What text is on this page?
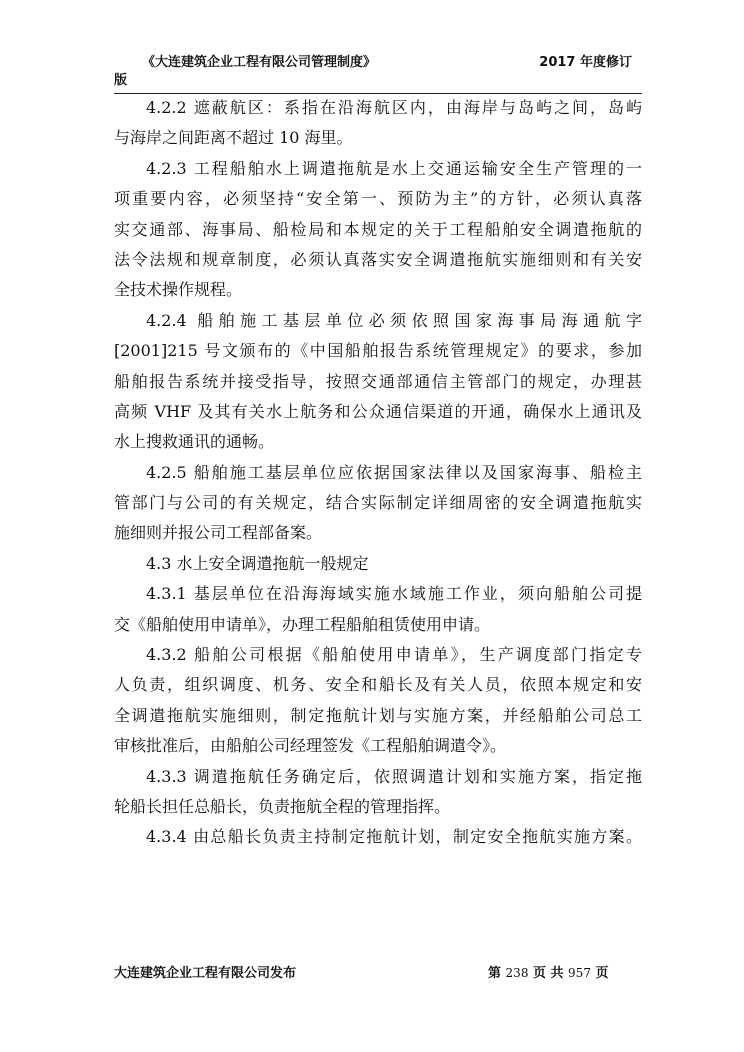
《大连建筑企业工程有限公司管理制度》	2017 年度修订
版
4.2.2 遮蔽航区：系指在沿海航区内，由海岸与岛屿之间，岛屿
与海岸之间距离不超过 10 海里。
4.2.3 工程船舶水上调遣拖航是水上交通运输安全生产管理的一
项重要内容，必须坚持“安全第一、预防为主”的方针，必须认真落
实交通部、海事局、船检局和本规定的关于工程船舶安全调遣拖航的
法令法规和规章制度，必须认真落实安全调遣拖航实施细则和有关安
全技术操作规程。
4.2.4 船舶施工基层单位必须依照国家海事局海通航字
[2001]215 号文颁布的《中国船舶报告系统管理规定》的要求，参加
船舶报告系统并接受指导，按照交通部通信主管部门的规定，办理甚
高频 VHF 及其有关水上航务和公众通信渠道的开通，确保水上通讯及
水上搜救通讯的通畅。
4.2.5 船舶施工基层单位应依据国家法律以及国家海事、船检主
管部门与公司的有关规定，结合实际制定详细周密的安全调遣拖航实
施细则并报公司工程部备案。
4.3 水上安全调遣拖航一般规定
4.3.1 基层单位在沿海海域实施水域施工作业，须向船舶公司提
交《船舶使用申请单》，办理工程船舶租赁使用申请。
4.3.2 船舶公司根据《船舶使用申请单》，生产调度部门指定专
人负责，组织调度、机务、安全和船长及有关人员，依照本规定和安
全调遣拖航实施细则，制定拖航计划与实施方案，并经船舶公司总工
审核批准后，由船舶公司经理签发《工程船舶调遣令》。
4.3.3 调遣拖航任务确定后，依照调遣计划和实施方案，指定拖
轮船长担任总船长，负责拖航全程的管理指挥。
4.3.4 由总船长负责主持制定拖航计划，制定安全拖航实施方案。
大连建筑企业工程有限公司发布	第 238 页 共 957 页
